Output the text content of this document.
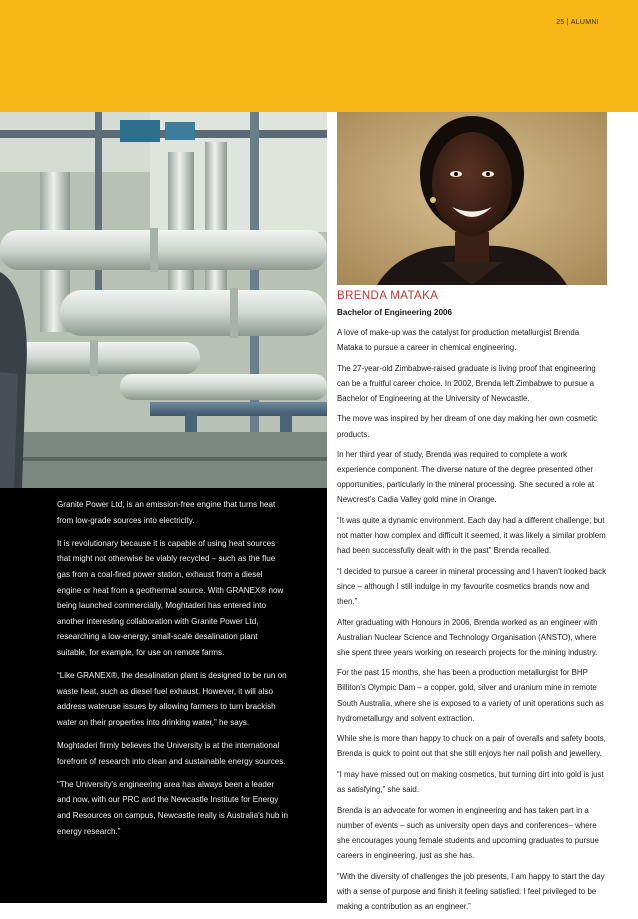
25 | ALUMNI

Granite Power Ltd, is an emission-free engine that turns heat from low-grade sources into electricity.

It is revolutionary because it is capable of using heat sources that might not otherwise be viably recycled – such as the flue gas from a coal-fired power station, exhaust from a diesel engine or heat from a geothermal source. With GRANEX® now being launched commercially, Moghtaderi has entered into another interesting collaboration with Granite Power Ltd, researching a low-energy, small-scale desalination plant suitable, for example, for use on remote farms.

“Like GRANEX®, the desalination plant is designed to be run on waste heat, such as diesel fuel exhaust. However, it will also address wateruse issues by allowing farmers to turn brackish water on their properties into drinking water,” he says.

Moghtaderi firmly believes the University is at the international forefront of research into clean and sustainable energy sources.

“The University's engineering area has always been a leader and now, with our PRC and the Newcastle Institute for Energy and Resources on campus, Newcastle really is Australia's hub in energy research.”

BRENDA MATAKA
Bachelor of Engineering 2006

A love of make-up was the catalyst for production metallurgist Brenda Mataka to pursue a career in chemical engineering.

The 27-year-old Zimbabwe-raised graduate is living proof that engineering can be a fruitful career choice. In 2002, Brenda left Zimbabwe to pursue a Bachelor of Engineering at the University of Newcastle.

The move was inspired by her dream of one day making her own cosmetic products.

In her third year of study, Brenda was required to complete a work experience component. The diverse nature of the degree presented other opportunities, particularly in the mineral processing. She secured a role at Newcrest's Cadia Valley gold mine in Orange.

“It was quite a dynamic environment. Each day had a different challenge; but not matter how complex and difficult it seemed, it was likely a similar problem had been successfully dealt with in the past” Brenda recalled.

“I decided to pursue a career in mineral processing and I haven't looked back since – although I still indulge in my favourite cosmetics brands now and then.”

After graduating with Honours in 2006, Brenda worked as an engineer with Australian Nuclear Science and Technology Organisation (ANSTO), where she spent three years working on research projects for the mining industry.

For the past 15 months, she has been a production metallurgist for BHP Billiton's Olympic Dam – a copper, gold, silver and uranium mine in remote South Australia, where she is exposed to a variety of unit operations such as hydrometallurgy and solvent extraction.

While she is more than happy to chuck on a pair of overalls and safety boots, Brenda is quick to point out that she still enjoys her nail polish and jewellery.

“I may have missed out on making cosmetics, but turning dirt into gold is just as satisfying,” she said.

Brenda is an advocate for women in engineering and has taken part in a number of events – such as university open days and conferences– where she encourages young female students and upcoming graduates to pursue careers in engineering, just as she has.

“With the diversity of challenges the job presents, I am happy to start the day with a sense of purpose and finish it feeling satisfied. I feel privileged to be making a contribution as an engineer.”
